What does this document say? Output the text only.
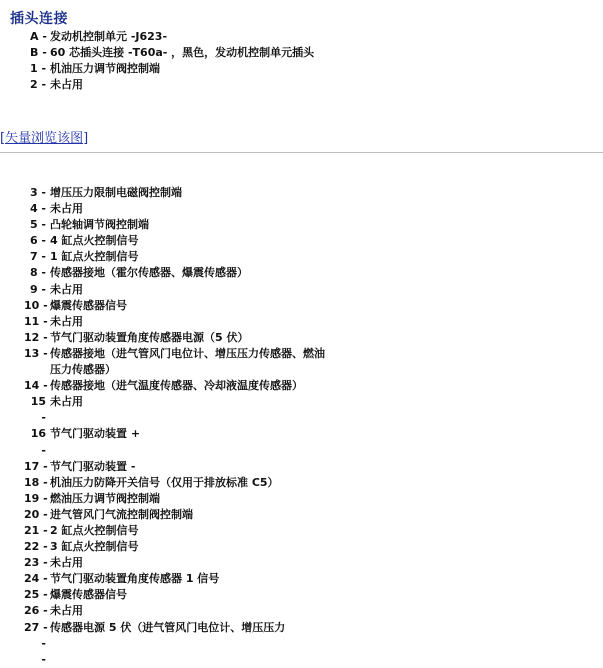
插头连接
A - 发动机控制单元 -J623-
B - 60 芯插头连接 -T60a- ，黑色，发动机控制单元插头
1 - 机油压力调节阀控制端
2 - 未占用
[矢量浏览该图]
3 - 增压压力限制电磁阀控制端
4 - 未占用
5 - 凸轮轴调节阀控制端
6 - 4 缸点火控制信号
7 - 1 缸点火控制信号
8 - 传感器接地（霍尔传感器、爆震传感器）
9 - 未占用
10 - 爆震传感器信号
11 - 未占用
12 - 节气门驱动装置角度传感器电源（5 伏）
13 - 传感器接地（进气管风门电位计、增压压力传感器、燃油压力传感器）
14 - 传感器接地（进气温度传感器、冷却液温度传感器）
15 -
未占用
16 -
节气门驱动装置 +
17 - 节气门驱动装置 -
18 - 机油压力防降开关信号（仅用于排放标准 C5）
19 - 燃油压力调节阀控制端
20 - 进气管风门气流控制阀控制端
21 - 2 缸点火控制信号
22 - 3 缸点火控制信号
23 - 未占用
24 - 节气门驱动装置角度传感器 1 信号
25 - 爆震传感器信号
26 - 未占用
27 - 传感器电源 5 伏（进气管风门电位计、增压压力
-
-
